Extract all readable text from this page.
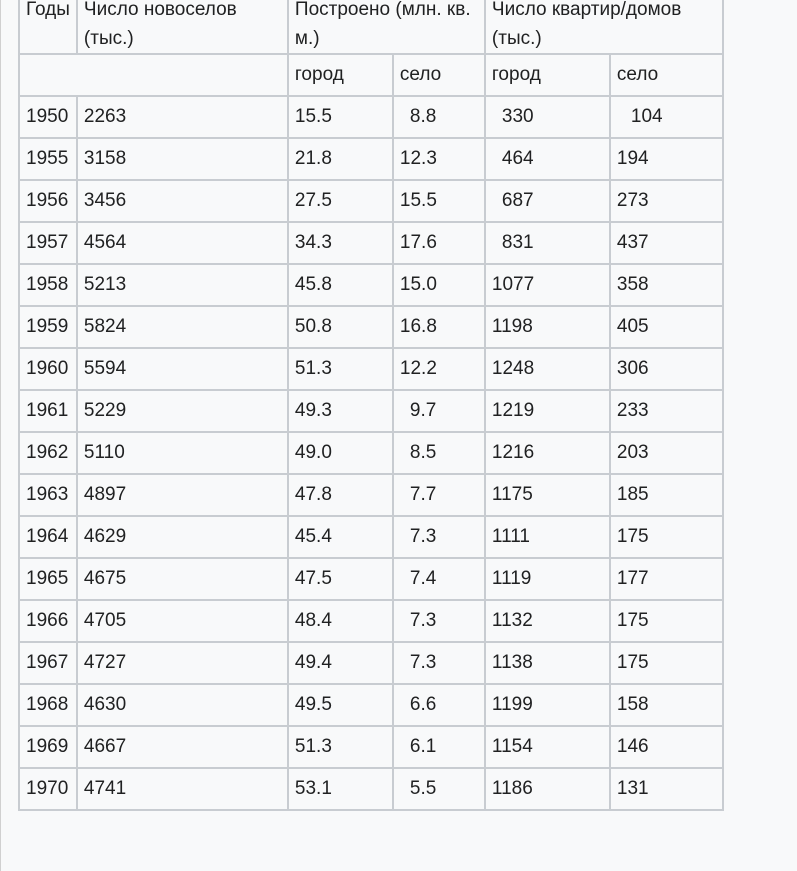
Годы	Число новоселов (тыс.)	Построено (млн. кв. м.)		Число квартир/домов (тыс.)	
		город	село	город	село
1950	2263	15.5	8.8	330	104
1955	3158	21.8	12.3	464	194
1956	3456	27.5	15.5	687	273
1957	4564	34.3	17.6	831	437
1958	5213	45.8	15.0	1077	358
1959	5824	50.8	16.8	1198	405
1960	5594	51.3	12.2	1248	306
1961	5229	49.3	9.7	1219	233
1962	5110	49.0	8.5	1216	203
1963	4897	47.8	7.7	1175	185
1964	4629	45.4	7.3	1111	175
1965	4675	47.5	7.4	1119	177
1966	4705	48.4	7.3	1132	175
1967	4727	49.4	7.3	1138	175
1968	4630	49.5	6.6	1199	158
1969	4667	51.3	6.1	1154	146
1970	4741	53.1	5.5	1186	131
